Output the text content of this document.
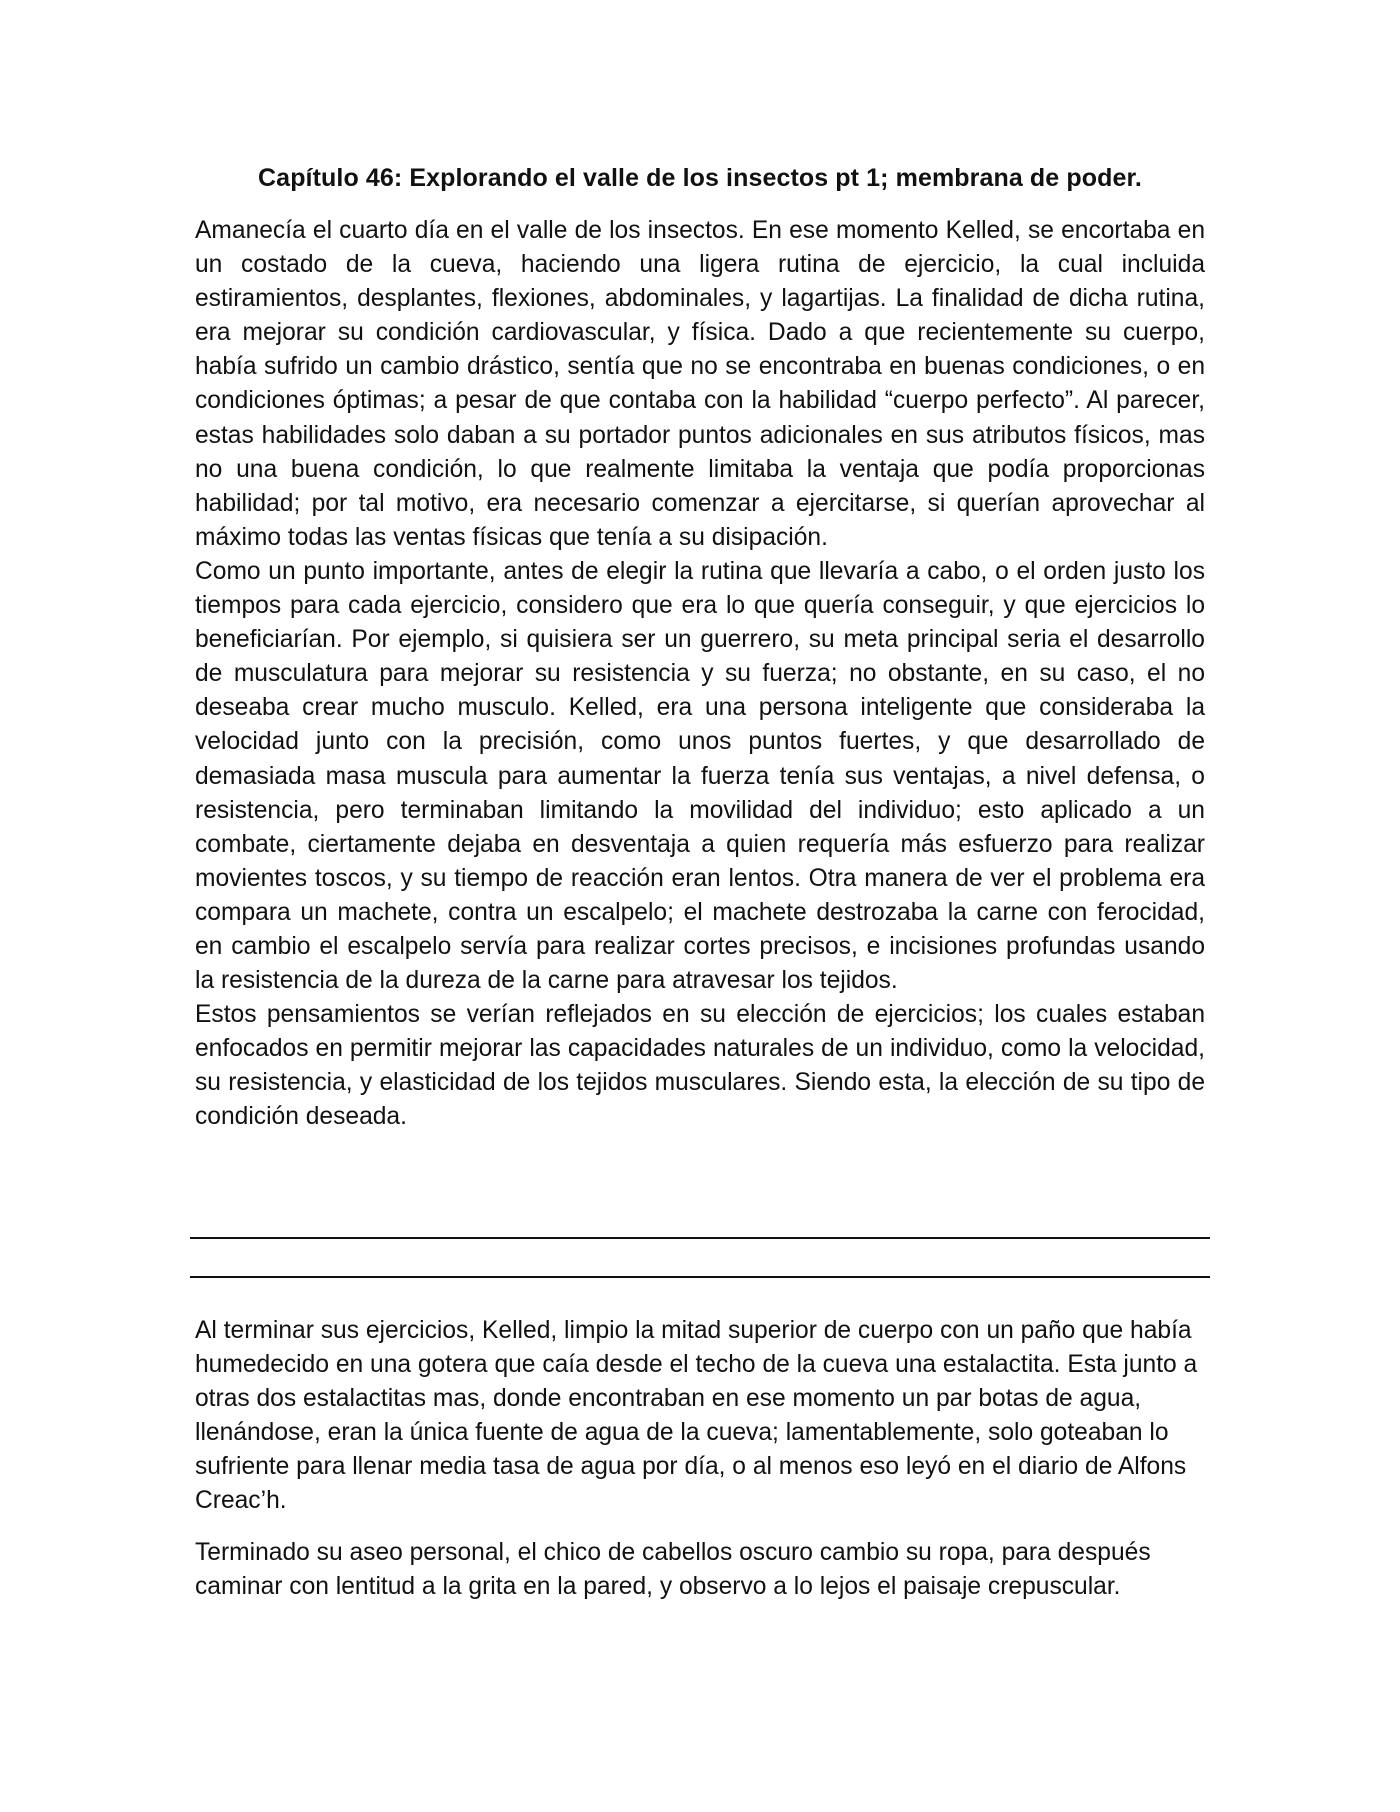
Capítulo 46: Explorando el valle de los insectos pt 1; membrana de poder.

Amanecía el cuarto día en el valle de los insectos. En ese momento Kelled, se encortaba en un costado de la cueva, haciendo una ligera rutina de ejercicio, la cual incluida estiramientos, desplantes, flexiones, abdominales, y lagartijas. La finalidad de dicha rutina, era mejorar su condición cardiovascular, y física. Dado a que recientemente su cuerpo, había sufrido un cambio drástico, sentía que no se encontraba en buenas condiciones, o en condiciones óptimas; a pesar de que contaba con la habilidad “cuerpo perfecto”. Al parecer, estas habilidades solo daban a su portador puntos adicionales en sus atributos físicos, mas no una buena condición, lo que realmente limitaba la ventaja que podía proporcionas habilidad; por tal motivo, era necesario comenzar a ejercitarse, si querían aprovechar al máximo todas las ventas físicas que tenía a su disipación.

Como un punto importante, antes de elegir la rutina que llevaría a cabo, o el orden justo los tiempos para cada ejercicio, considero que era lo que quería conseguir, y que ejercicios lo beneficiarían. Por ejemplo, si quisiera ser un guerrero, su meta principal seria el desarrollo de musculatura para mejorar su resistencia y su fuerza; no obstante, en su caso, el no deseaba crear mucho musculo. Kelled, era una persona inteligente que consideraba la velocidad junto con la precisión, como unos puntos fuertes, y que desarrollado de demasiada masa muscula para aumentar la fuerza tenía sus ventajas, a nivel defensa, o resistencia, pero terminaban limitando la movilidad del individuo; esto aplicado a un combate, ciertamente dejaba en desventaja a quien requería más esfuerzo para realizar movientes toscos, y su tiempo de reacción eran lentos. Otra manera de ver el problema era compara un machete, contra un escalpelo; el machete destrozaba la carne con ferocidad, en cambio el escalpelo servía para realizar cortes precisos, e incisiones profundas usando la resistencia de la dureza de la carne para atravesar los tejidos.

Estos pensamientos se verían reflejados en su elección de ejercicios; los cuales estaban enfocados en permitir mejorar las capacidades naturales de un individuo, como la velocidad, su resistencia, y elasticidad de los tejidos musculares. Siendo esta, la elección de su tipo de condición deseada.

Al terminar sus ejercicios, Kelled, limpio la mitad superior de cuerpo con un paño que había humedecido en una gotera que caía desde el techo de la cueva una estalactita. Esta junto a otras dos estalactitas mas, donde encontraban en ese momento un par botas de agua, llenándose, eran la única fuente de agua de la cueva; lamentablemente, solo goteaban lo sufriente para llenar media tasa de agua por día, o al menos eso leyó en el diario de Alfons Creac’h.

Terminado su aseo personal, el chico de cabellos oscuro cambio su ropa, para después caminar con lentitud a la grita en la pared, y observo a lo lejos el paisaje crepuscular.
